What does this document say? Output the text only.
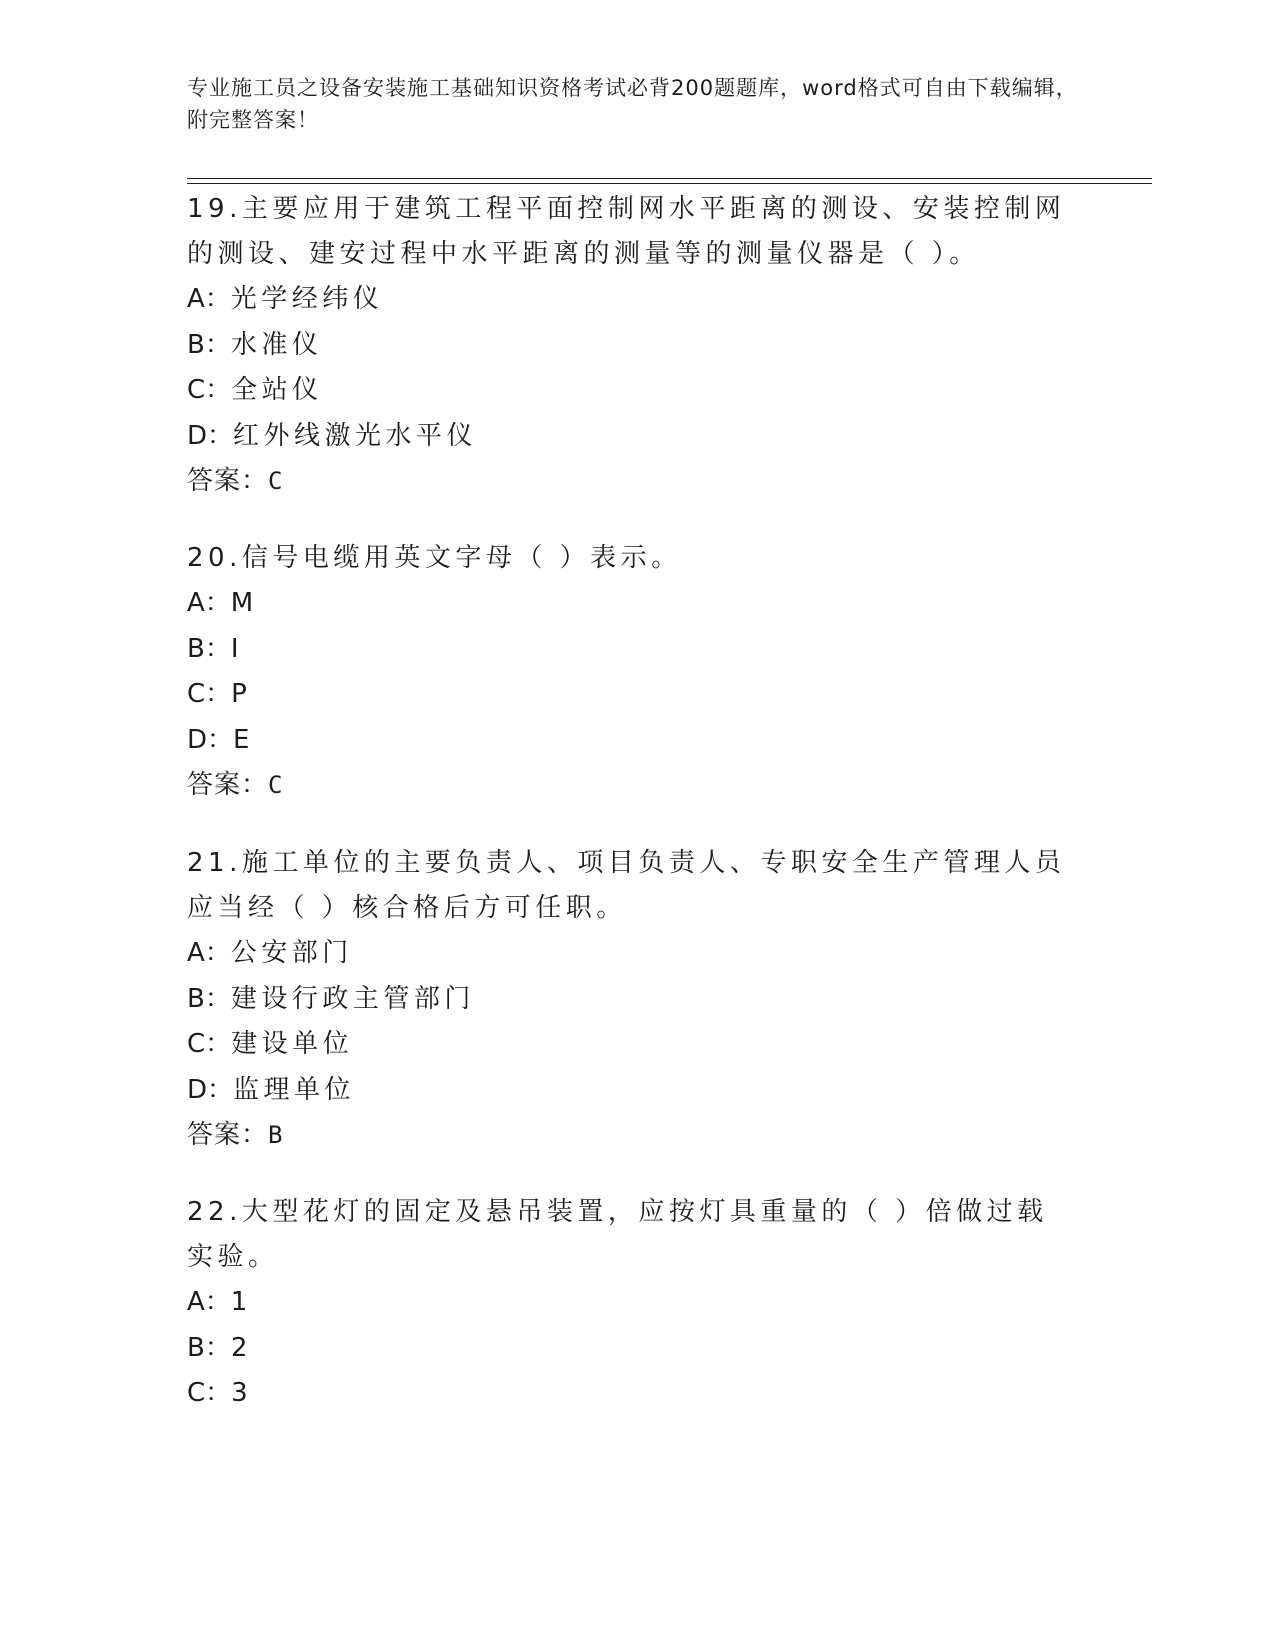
专业施工员之设备安装施工基础知识资格考试必背200题题库，word格式可自由下载编辑，附完整答案！

19.主要应用于建筑工程平面控制网水平距离的测设、安装控制网的测设、建安过程中水平距离的测量等的测量仪器是（ ）。

A：光学经纬仪
B：水准仪
C：全站仪
D：红外线激光水平仪
答案：C

20.信号电缆用英文字母（ ）表示。

A：M
B：I
C：P
D：E
答案：C

21.施工单位的主要负责人、项目负责人、专职安全生产管理人员应当经（ ）核合格后方可任职。

A：公安部门
B：建设行政主管部门
C：建设单位
D：监理单位
答案：B

22.大型花灯的固定及悬吊装置，应按灯具重量的（ ）倍做过载实验。

A：1
B：2
C：3
